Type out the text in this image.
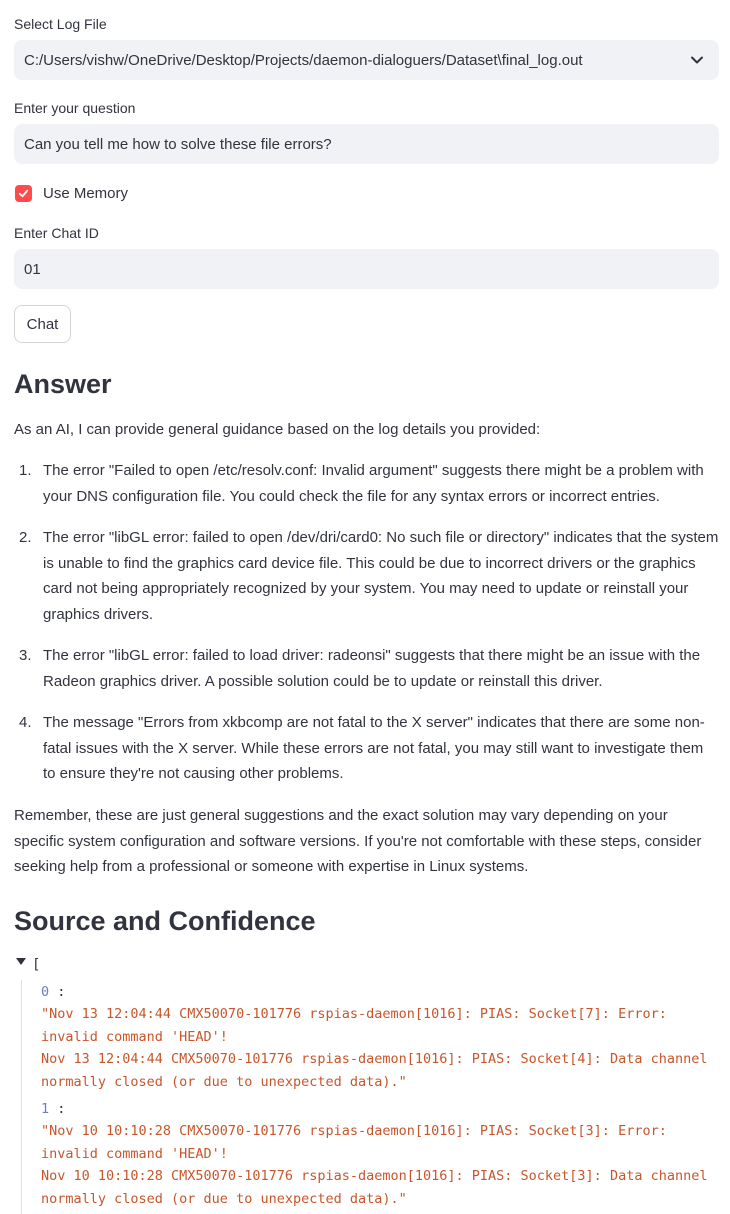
Select Log File
C:/Users/vishw/OneDrive/Desktop/Projects/daemon-dialoguers/Dataset\final_log.out
Enter your question
Can you tell me how to solve these file errors?
Use Memory
Enter Chat ID
01
Chat
Answer
As an AI, I can provide general guidance based on the log details you provided:
1. The error "Failed to open /etc/resolv.conf: Invalid argument" suggests there might be a problem with your DNS configuration file. You could check the file for any syntax errors or incorrect entries.
2. The error "libGL error: failed to open /dev/dri/card0: No such file or directory" indicates that the system is unable to find the graphics card device file. This could be due to incorrect drivers or the graphics card not being appropriately recognized by your system. You may need to update or reinstall your graphics drivers.
3. The error "libGL error: failed to load driver: radeonsi" suggests that there might be an issue with the Radeon graphics driver. A possible solution could be to update or reinstall this driver.
4. The message "Errors from xkbcomp are not fatal to the X server" indicates that there are some non-fatal issues with the X server. While these errors are not fatal, you may still want to investigate them to ensure they're not causing other problems.
Remember, these are just general suggestions and the exact solution may vary depending on your specific system configuration and software versions. If you're not comfortable with these steps, consider seeking help from a professional or someone with expertise in Linux systems.
Source and Confidence
[
0 :
"Nov 13 12:04:44 CMX50070-101776 rspias-daemon[1016]: PIAS: Socket[7]: Error: invalid command 'HEAD'!
Nov 13 12:04:44 CMX50070-101776 rspias-daemon[1016]: PIAS: Socket[4]: Data channel normally closed (or due to unexpected data)."
1 :
"Nov 10 10:10:28 CMX50070-101776 rspias-daemon[1016]: PIAS: Socket[3]: Error: invalid command 'HEAD'!
Nov 10 10:10:28 CMX50070-101776 rspias-daemon[1016]: PIAS: Socket[3]: Data channel normally closed (or due to unexpected data)."
